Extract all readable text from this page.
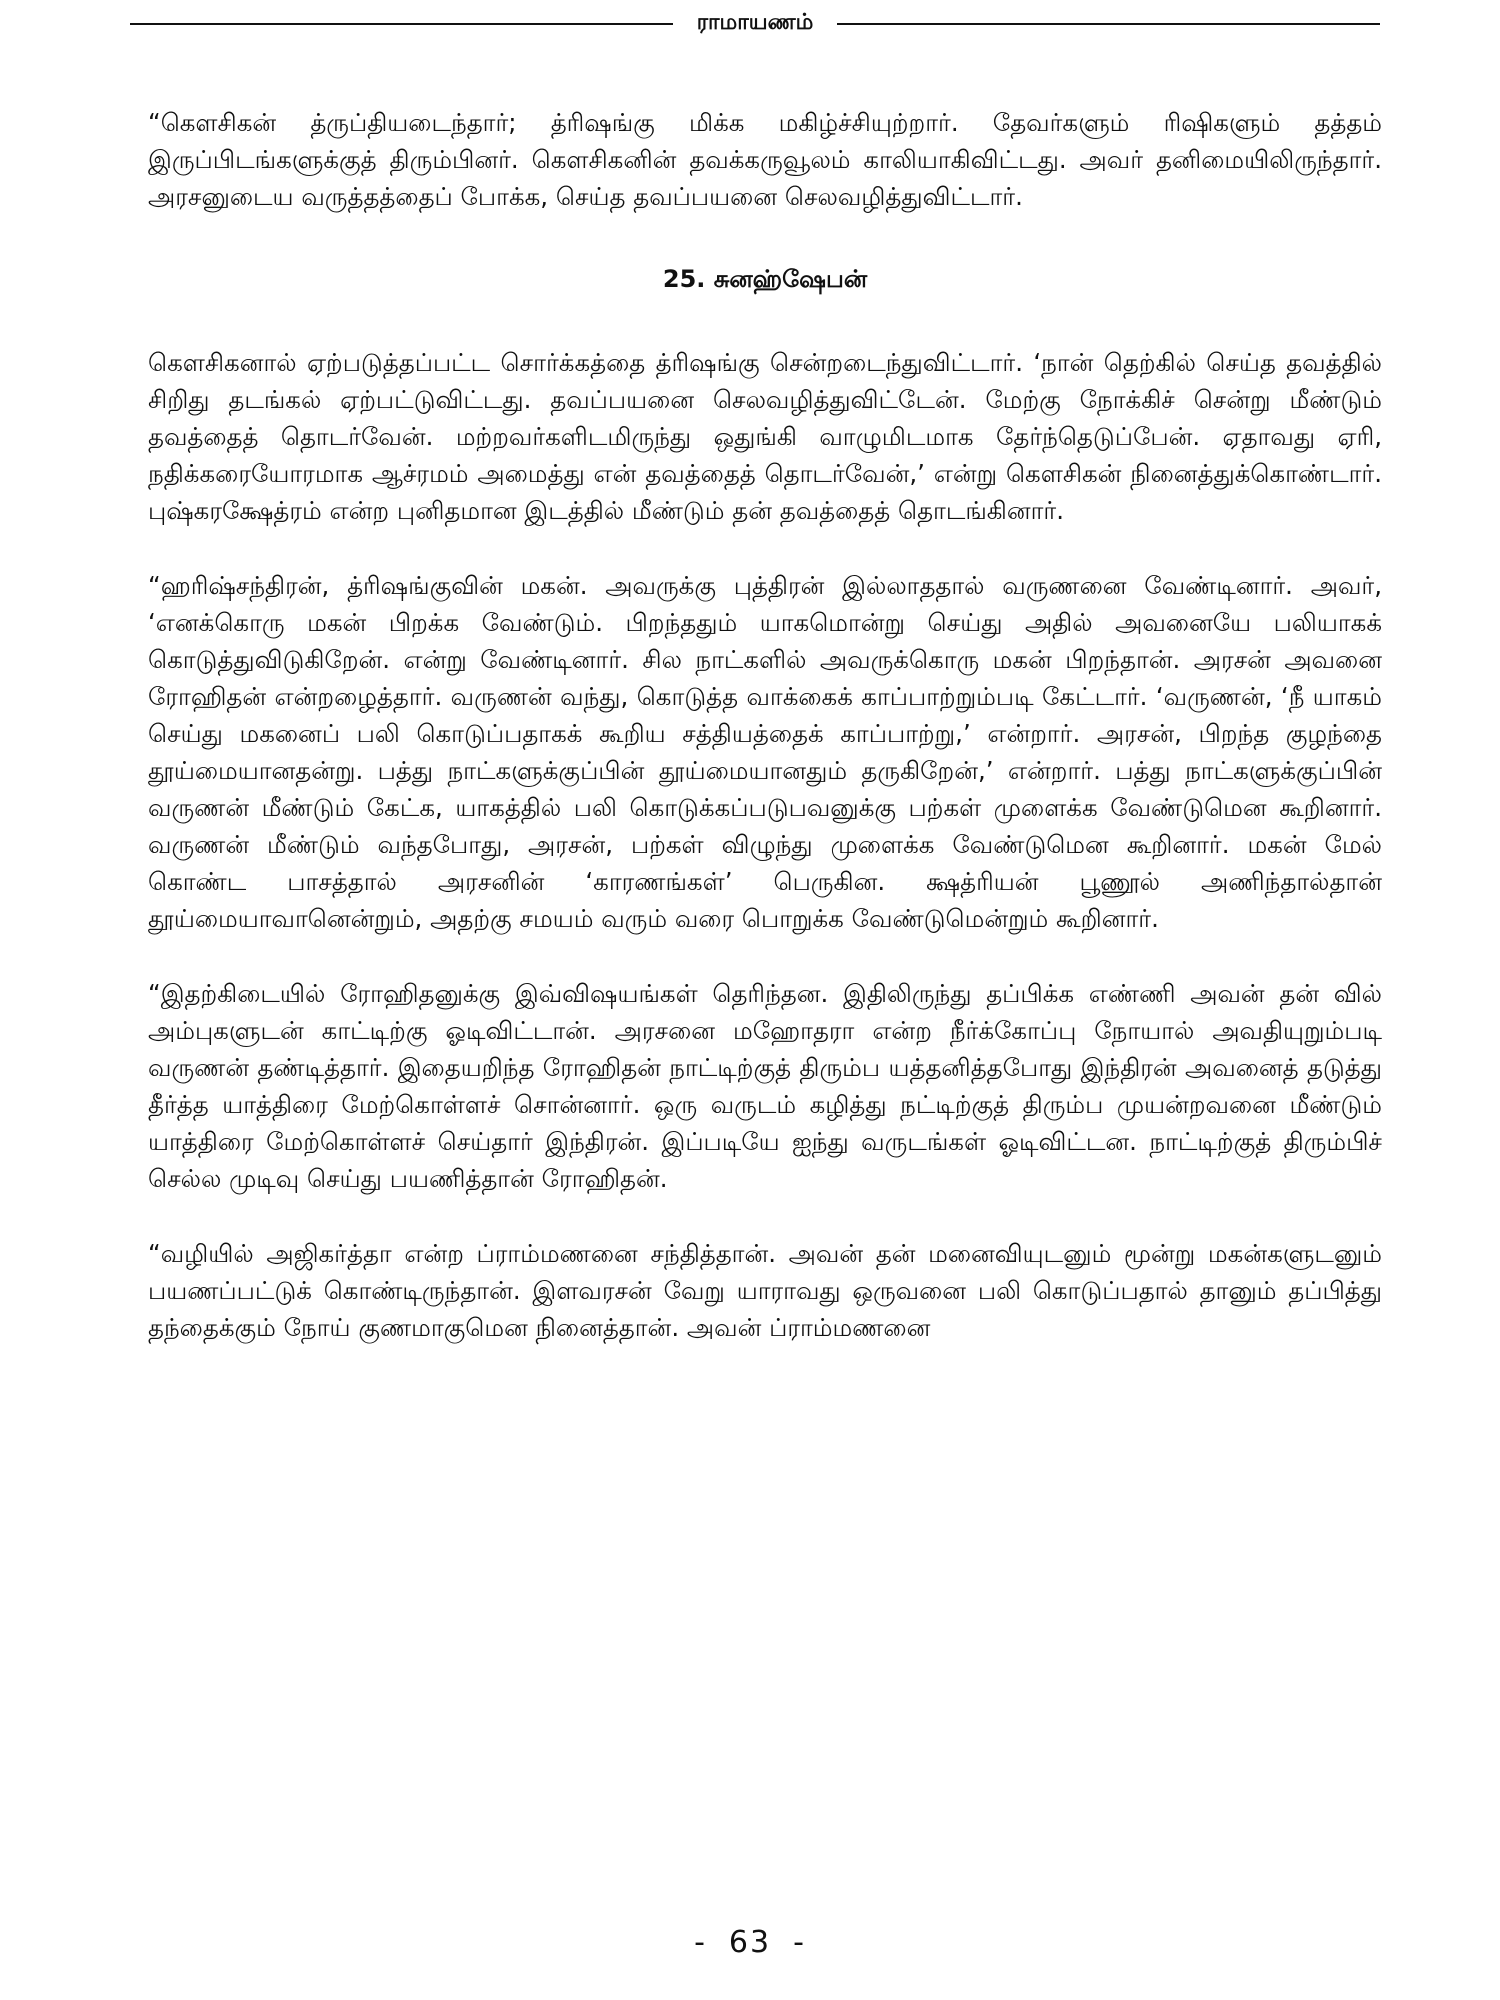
ராமாயணம்

“கௌசிகன் த்ருப்தியடைந்தார்; த்ரிஷங்கு மிக்க மகிழ்ச்சியுற்றார். தேவர்களும் ரிஷிகளும் தத்தம் இருப்பிடங்களுக்குத் திரும்பினர். கௌசிகனின் தவக்கருவூலம் காலியாகிவிட்டது. அவர் தனிமையிலிருந்தார். அரசனுடைய வருத்தத்தைப் போக்க, செய்த தவப்பயனை செலவழித்துவிட்டார்.

25. சுனஹ்ஷேபன்

கௌசிகனால் ஏற்படுத்தப்பட்ட சொர்க்கத்தை த்ரிஷங்கு சென்றடைந்துவிட்டார். ‘நான் தெற்கில் செய்த தவத்தில் சிறிது தடங்கல் ஏற்பட்டுவிட்டது. தவப்பயனை செலவழித்துவிட்டேன். மேற்கு நோக்கிச் சென்று மீண்டும் தவத்தைத் தொடர்வேன். மற்றவர்களிடமிருந்து ஒதுங்கி வாழுமிடமாக தேர்ந்தெடுப்பேன். ஏதாவது ஏரி, நதிக்கரையோரமாக ஆச்ரமம் அமைத்து என் தவத்தைத் தொடர்வேன்,’ என்று கௌசிகன் நினைத்துக்கொண்டார். புஷ்கரக்ஷேத்ரம் என்ற புனிதமான இடத்தில் மீண்டும் தன் தவத்தைத் தொடங்கினார்.

“ஹரிஷ்சந்திரன், த்ரிஷங்குவின் மகன். அவருக்கு புத்திரன் இல்லாததால் வருணனை வேண்டினார். அவர், ‘எனக்கொரு மகன் பிறக்க வேண்டும். பிறந்ததும் யாகமொன்று செய்து அதில் அவனையே பலியாகக் கொடுத்துவிடுகிறேன். என்று வேண்டினார். சில நாட்களில் அவருக்கொரு மகன் பிறந்தான். அரசன் அவனை ரோஹிதன் என்றழைத்தார். வருணன் வந்து, கொடுத்த வாக்கைக் காப்பாற்றும்படி கேட்டார். ‘வருணன், ‘நீ யாகம் செய்து மகனைப் பலி கொடுப்பதாகக் கூறிய சத்தியத்தைக் காப்பாற்று,’ என்றார். அரசன், பிறந்த குழந்தை தூய்மையானதன்று. பத்து நாட்களுக்குப்பின் தூய்மையானதும் தருகிறேன்,’ என்றார். பத்து நாட்களுக்குப்பின் வருணன் மீண்டும் கேட்க, யாகத்தில் பலி கொடுக்கப்படுபவனுக்கு பற்கள் முளைக்க வேண்டுமென கூறினார். வருணன் மீண்டும் வந்தபோது, அரசன், பற்கள் விழுந்து முளைக்க வேண்டுமென கூறினார். மகன் மேல் கொண்ட பாசத்தால் அரசனின் ‘காரணங்கள்’ பெருகின. க்ஷத்ரியன் பூணூல் அணிந்தால்தான் தூய்மையாவானென்றும், அதற்கு சமயம் வரும் வரை பொறுக்க வேண்டுமென்றும் கூறினார்.

“இதற்கிடையில் ரோஹிதனுக்கு இவ்விஷயங்கள் தெரிந்தன. இதிலிருந்து தப்பிக்க எண்ணி அவன் தன் வில் அம்புகளுடன் காட்டிற்கு ஓடிவிட்டான். அரசனை மஹோதரா என்ற நீர்க்கோப்பு நோயால் அவதியுறும்படி வருணன் தண்டித்தார். இதையறிந்த ரோஹிதன் நாட்டிற்குத் திரும்ப யத்தனித்தபோது இந்திரன் அவனைத் தடுத்து தீர்த்த யாத்திரை மேற்கொள்ளச் சொன்னார். ஒரு வருடம் கழித்து நட்டிற்குத் திரும்ப முயன்றவனை மீண்டும் யாத்திரை மேற்கொள்ளச் செய்தார் இந்திரன். இப்படியே ஐந்து வருடங்கள் ஓடிவிட்டன. நாட்டிற்குத் திரும்பிச் செல்ல முடிவு செய்து பயணித்தான் ரோஹிதன்.

“வழியில் அஜிகர்த்தா என்ற ப்ராம்மணனை சந்தித்தான். அவன் தன் மனைவியுடனும் மூன்று மகன்களுடனும் பயணப்பட்டுக் கொண்டிருந்தான். இளவரசன் வேறு யாராவது ஒருவனை பலி கொடுப்பதால் தானும் தப்பித்து தந்தைக்கும் நோய் குணமாகுமென நினைத்தான். அவன் ப்ராம்மணனை

- 63 -
